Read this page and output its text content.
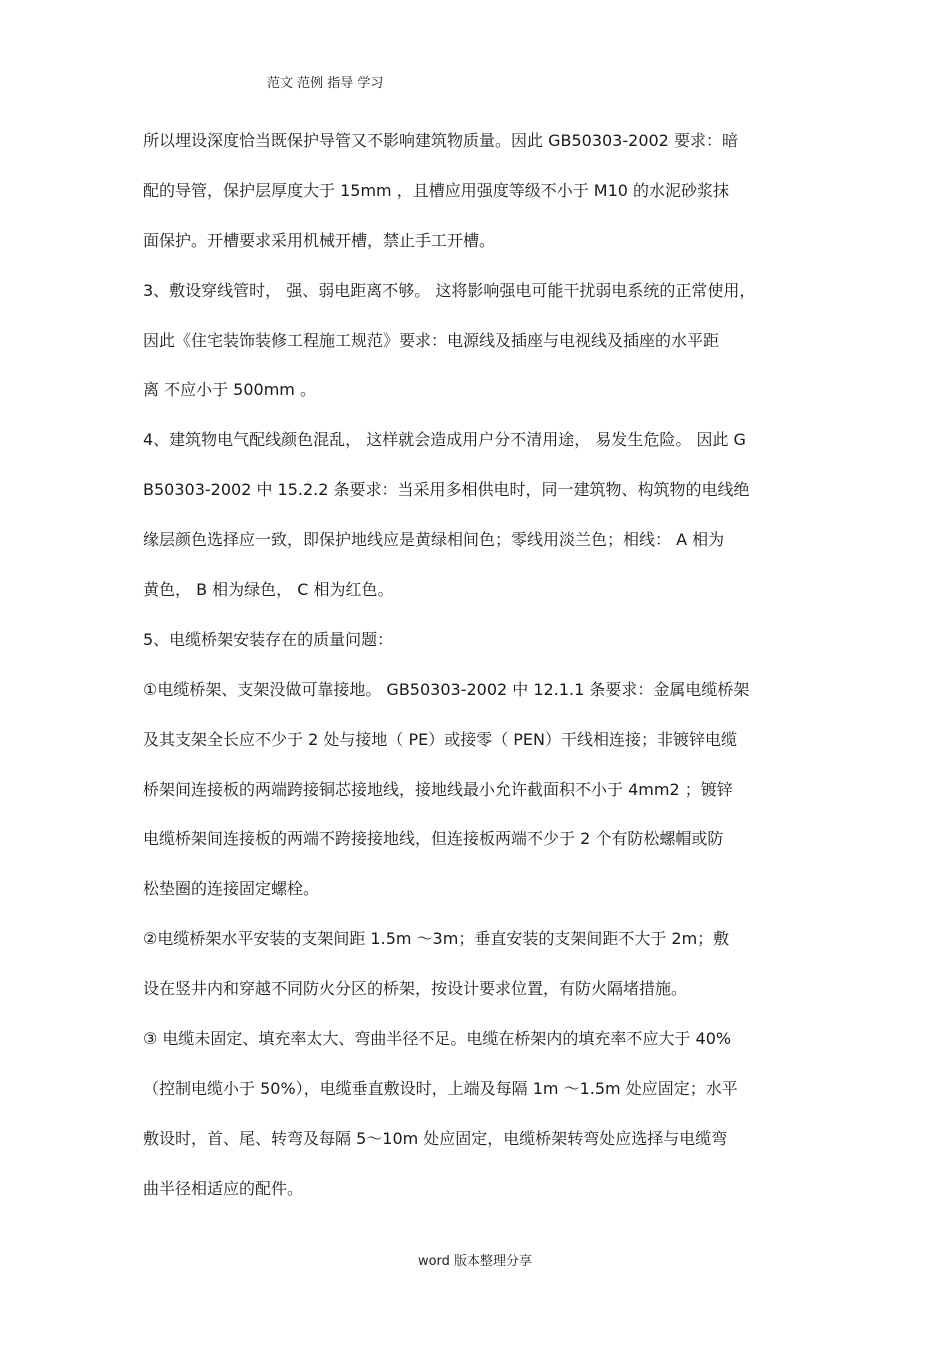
范文 范例 指导 学习
所以埋设深度恰当既保护导管又不影响建筑物质量。因此 GB50303-2002 要求：暗
配的导管，保护层厚度大于 15mm ，且槽应用强度等级不小于 M10 的水泥砂浆抹
面保护。开槽要求采用机械开槽，禁止手工开槽。
3、敷设穿线管时， 强、弱电距离不够。 这将影响强电可能干扰弱电系统的正常使用，
因此《住宅装饰装修工程施工规范》要求：电源线及插座与电视线及插座的水平距
离 不应小于 500mm 。
4、建筑物电气配线颜色混乱， 这样就会造成用户分不清用途， 易发生危险。 因此 G
B50303-2002 中 15.2.2 条要求：当采用多相供电时，同一建筑物、构筑物的电线绝
缘层颜色选择应一致，即保护地线应是黄绿相间色；零线用淡兰色；相线： A 相为
黄色， B 相为绿色， C 相为红色。
5、电缆桥架安装存在的质量问题：
①电缆桥架、支架没做可靠接地。 GB50303-2002 中 12.1.1 条要求：金属电缆桥架
及其支架全长应不少于 2 处与接地（ PE）或接零（ PEN）干线相连接；非镀锌电缆
桥架间连接板的两端跨接铜芯接地线，接地线最小允许截面积不小于 4mm2 ；镀锌
电缆桥架间连接板的两端不跨接接地线，但连接板两端不少于 2 个有防松螺帽或防
松垫圈的连接固定螺栓。
②电缆桥架水平安装的支架间距 1.5m ～3m；垂直安装的支架间距不大于 2m；敷
设在竖井内和穿越不同防火分区的桥架，按设计要求位置，有防火隔堵措施。
③ 电缆未固定、填充率太大、弯曲半径不足。电缆在桥架内的填充率不应大于 40%
（控制电缆小于 50%），电缆垂直敷设时，上端及每隔 1m ～1.5m 处应固定；水平
敷设时，首、尾、转弯及每隔 5～10m 处应固定，电缆桥架转弯处应选择与电缆弯
曲半径相适应的配件。
word 版本整理分享
